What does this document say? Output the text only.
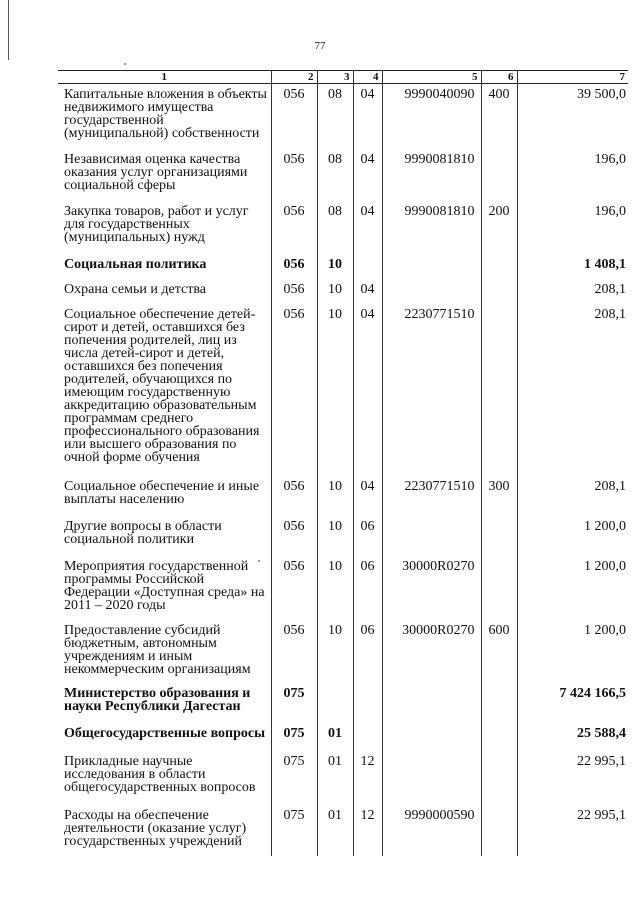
77
1	2	3	4	5	6	7
Капитальные вложения в объекты недвижимого имущества государственной (муниципальной) собственности	056	08	04	9990040090	400	39 500,0
Независимая оценка качества оказания услуг организациями социальной сферы	056	08	04	9990081810		196,0
Закупка товаров, работ и услуг для государственных (муниципальных) нужд	056	08	04	9990081810	200	196,0
Социальная политика	056	10				1 408,1
Охрана семьи и детства	056	10	04			208,1
Социальное обеспечение детей-сирот и детей, оставшихся без попечения родителей, лиц из числа детей-сирот и детей, оставшихся без попечения родителей, обучающихся по имеющим государственную аккредитацию образовательным программам среднего профессионального образования или высшего образования по очной форме обучения	056	10	04	2230771510		208,1
Социальное обеспечение и иные выплаты населению	056	10	04	2230771510	300	208,1
Другие вопросы в области социальной политики	056	10	06			1 200,0
Мероприятия государственной программы Российской Федерации «Доступная среда» на 2011 – 2020 годы	056	10	06	30000R0270		1 200,0
Предоставление субсидий бюджетным, автономным учреждениям и иным некоммерческим организациям	056	10	06	30000R0270	600	1 200,0
Министерство образования и науки Республики Дагестан	075					7 424 166,5
Общегосударственные вопросы	075	01				25 588,4
Прикладные научные исследования в области общегосударственных вопросов	075	01	12			22 995,1
Расходы на обеспечение деятельности (оказание услуг) государственных учреждений	075	01	12	9990000590		22 995,1
